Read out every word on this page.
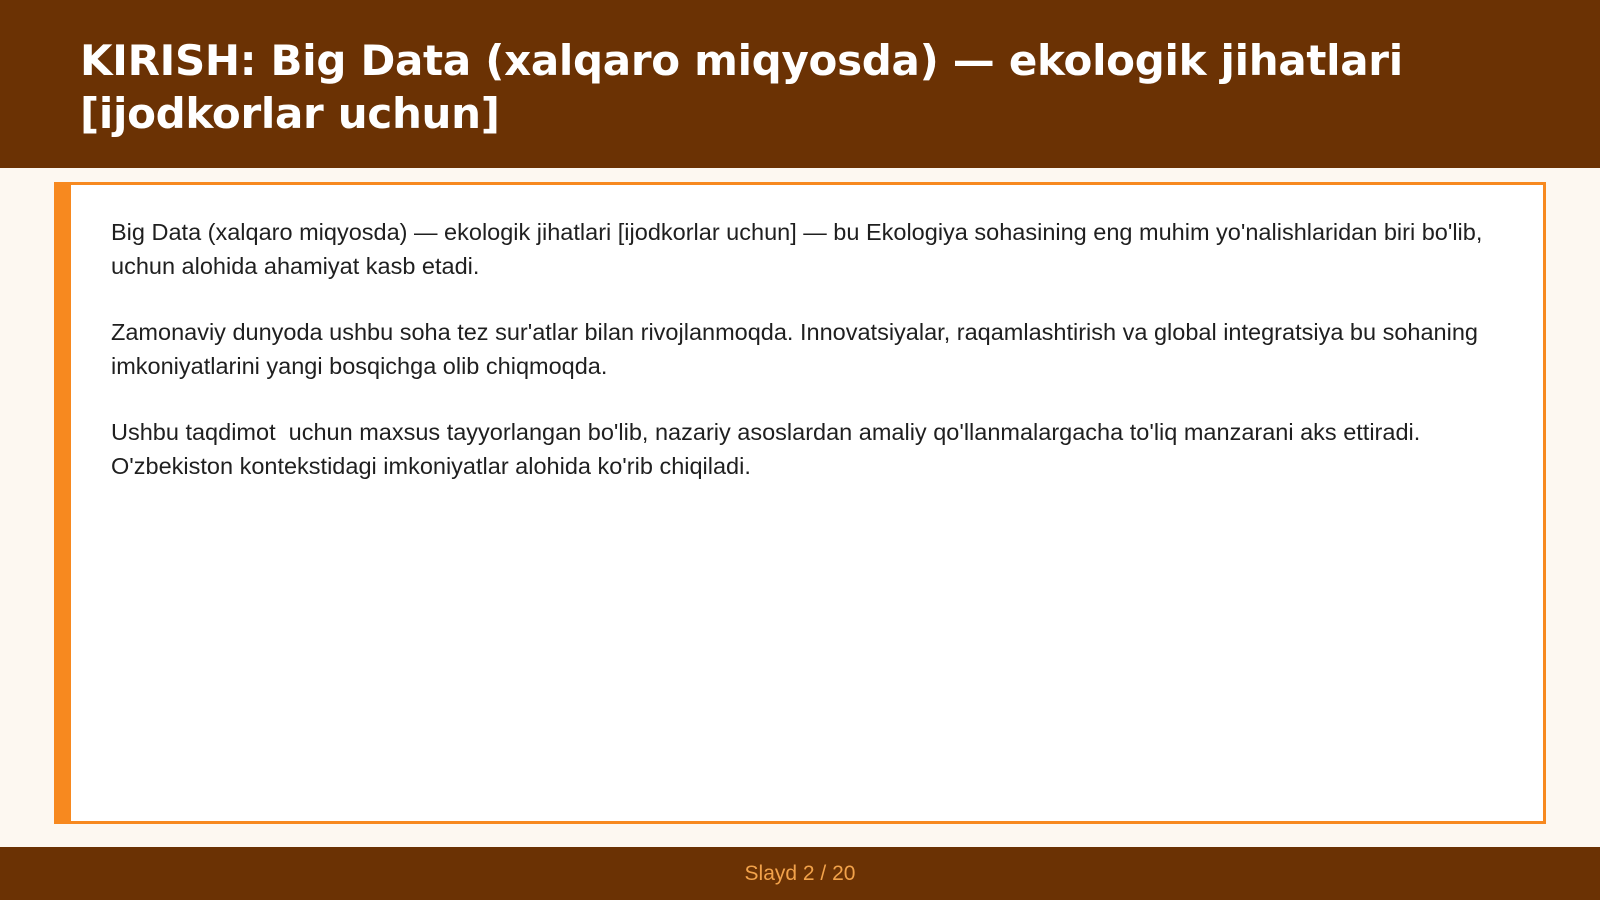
KIRISH: Big Data (xalqaro miqyosda) — ekologik jihatlari [ijodkorlar uchun]

Big Data (xalqaro miqyosda) — ekologik jihatlari [ijodkorlar uchun] — bu Ekologiya sohasining eng muhim yo'nalishlaridan biri bo'lib,  uchun alohida ahamiyat kasb etadi.

Zamonaviy dunyoda ushbu soha tez sur'atlar bilan rivojlanmoqda. Innovatsiyalar, raqamlashtirish va global integratsiya bu sohaning imkoniyatlarini yangi bosqichga olib chiqmoqda.

Ushbu taqdimot  uchun maxsus tayyorlangan bo'lib, nazariy asoslardan amaliy qo'llanmalargacha to'liq manzarani aks ettiradi. O'zbekiston kontekstidagi imkoniyatlar alohida ko'rib chiqiladi.

Slayd 2 / 20
